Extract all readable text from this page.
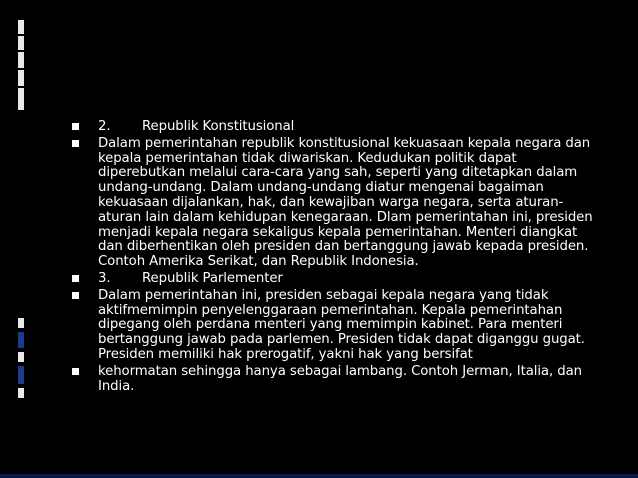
2. Republik Konstitusional
Dalam pemerintahan republik konstitusional kekuasaan kepala negara dan kepala pemerintahan tidak diwariskan. Kedudukan politik dapat diperebutkan melalui cara-cara yang sah, seperti yang ditetapkan dalam undang-undang. Dalam undang-undang diatur mengenai bagaiman kekuasaan dijalankan, hak, dan kewajiban warga negara, serta aturan-aturan lain dalam kehidupan kenegaraan. Dlam pemerintahan ini, presiden menjadi kepala negara sekaligus kepala pemerintahan. Menteri diangkat dan diberhentikan oleh presiden dan bertanggung jawab kepada presiden. Contoh Amerika Serikat, dan Republik Indonesia.
3. Republik Parlementer
Dalam pemerintahan ini, presiden sebagai kepala negara yang tidak aktifmemimpin penyelenggaraan pemerintahan. Kepala pemerintahan dipegang oleh perdana menteri yang memimpin kabinet. Para menteri bertanggung jawab pada parlemen. Presiden tidak dapat diganggu gugat. Presiden memiliki hak prerogatif, yakni hak yang bersifat
kehormatan sehingga hanya sebagai lambang. Contoh Jerman, Italia, dan India.
